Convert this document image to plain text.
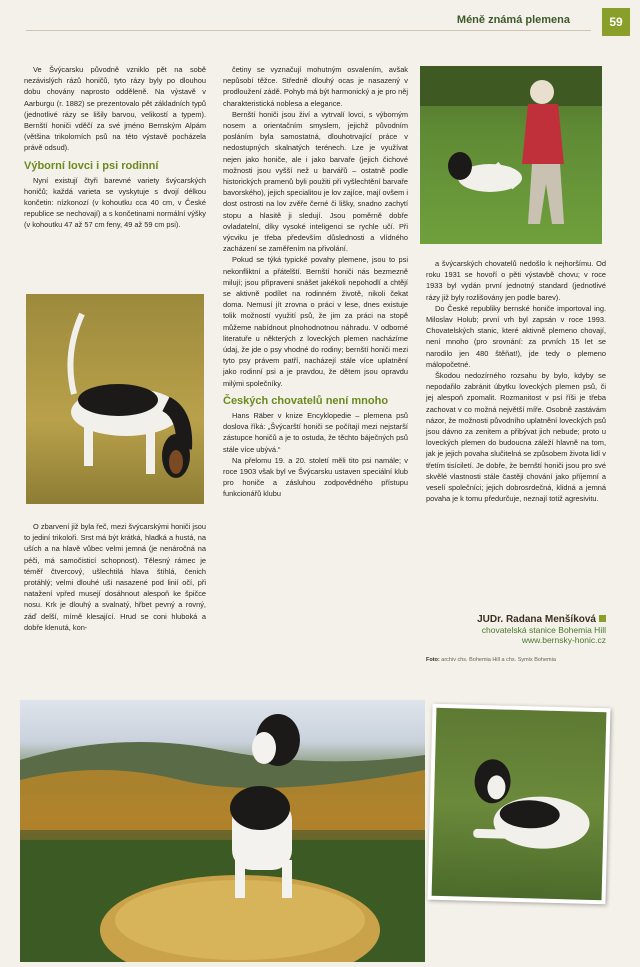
Méně známá plemena	59

Ve Švýcarsku původně vzniklo pět na sobě nezávislých rázů honičů, tyto rázy byly po dlouhou dobu chovány naprosto odděleně. Na výstavě v Aarburgu (r. 1882) se prezentovalo pět základních typů (jednotlivé rázy se lišily barvou, velikostí a typem). Bernští honiči vděčí za své jméno Bernským Alpám (většina trikolorních psů na této výstavě pocházela právě odsud).

Výborní lovci i psi rodinní

Nyní existují čtyři barevné variety švýcarských honičů; každá varieta se vyskytuje s dvojí délkou končetin: nízkonozí (v kohoutku cca 40 cm, v České republice se nechovají) a s končetinami normální výšky (v kohoutku 47 až 57 cm feny, 49 až 59 cm psi).

O zbarvení již byla řeč, mezi švýcarskými honiči jsou to jediní trikoloři. Srst má být krátká, hladká a hustá, na uších a na hlavě vůbec velmi jemná (je nenáročná na péči, má samočisticí schopnost). Tělesný rámec je téměř čtvercový, ušlechtilá hlava štíhlá, čenich protáhlý; velmi dlouhé uši nasazené pod linií očí, při natažení vpřed musejí dosáhnout alespoň ke špičce nosu. Krk je dlouhý a svalnatý, hřbet pevný a rovný, záď delší, mírně klesající. Hrud se coni hluboká a dobře klenutá, kon-

četiny se vyznačují mohutným osvalením, avšak nepůsobí těžce. Středně dlouhý ocas je nasazený v prodloužení zádě. Pohyb má být harmonický a je pro něj charakteristická noblesa a elegance.

Bernští honiči jsou živí a vytrvalí lovci, s výborným nosem a orientačním smyslem, jejichž původním posláním byla samostatná, dlouhotrvající práce v nedostupných skalnatých terénech. Lze je využívat nejen jako honiče, ale i jako barvaře (jejich čichové možnosti jsou vyšší než u barvářů – ostatně podle historických pramenů byli použiti při vyšlechtění barvaře bavorského), jejich specialitou je lov zajíce, mají ovšem i dost ostrosti na lov zvěře černé či lišky, snadno zachytí stopu a hlasitě ji sledují. Jsou poměrně dobře ovladatelní, díky vysoké inteligenci se rychle učí. Při výcviku je třeba především důslednosti a vlídného zacházení se zaměřením na přivolání.

Pokud se týká typické povahy plemene, jsou to psi nekonfliktní a přátelští. Bernští honiči nás bezmezně milují; jsou připraveni snášet jakékoli nepohodlí a chtějí se aktivně podílet na rodinném životě, nikoli čekat doma. Nemusí jít zrovna o práci v lese, dnes existuje tolik možností využití psů, že jim za práci na stopě můžeme nabídnout plnohodnotnou náhradu. V odborné literatuře u některých z loveckých plemen nacházíme údaj, že jde o psy vhodné do rodiny; bernští honiči mezi tyto psy právem patří, nacházejí stále více uplatnění jako rodinní psi a je pravdou, že dětem jsou opravdu milými společníky.

Českých chovatelů není mnoho

Hans Räber v knize Encyklopedie – plemena psů doslova říká: „Švýcarští honiči se počítají mezi nejstarší zástupce honičů a je to ostuda, že těchto báječných psů stále více ubývá.“

Na přelomu 19. a 20. století měli tito psi namále; v roce 1903 však byl ve Švýcarsku ustaven speciální klub pro honiče a zásluhou zodpovědného přístupu funkcionářů klubu

a švýcarských chovatelů nedošlo k nejhoršímu. Od roku 1931 se hovoří o pěti výstavbě chovu; v roce 1933 byl vydán první jednotný standard (jednotlivé rázy již byly rozlišovány jen podle barev).

Do České republiky bernské honiče importoval ing. Miloslav Holub; první vrh byl zapsán v roce 1993. Chovatelských stanic, které aktivně plemeno chovají, není mnoho (pro srovnání: za prvních 15 let se narodilo jen 480 štěňat!), jde tedy o plemeno málopočetné.

Škodou nedozírného rozsahu by bylo, kdyby se nepodařilo zabránit úbytku loveckých plemen psů, či jej alespoň zpomalit. Rozmanitost v psí říši je třeba zachovat v co možná největší míře. Osobně zastávám názor, že možnosti původního uplatnění loveckých psů jsou dávno za zenitem a přibývat jich nebude; proto u loveckých plemen do budoucna záleží hlavně na tom, jak je jejich povaha slučitelná se způsobem života lidí v třetím tisíciletí. Je dobře, že bernští honiči jsou pro své skvělé vlastnosti stále častěji chování jako příjemní a veselí společníci; jejich dobrosrdečná, klidná a jemná povaha je k tomu předurčuje, neznají totiž agresivitu.

JUDr. Radana Menšíková
chovatelská stanice Bohemia Hill
www.bernsky-honic.cz
Foto: archiv chs. Bohemia Hill a chs. Symix Bohemia
